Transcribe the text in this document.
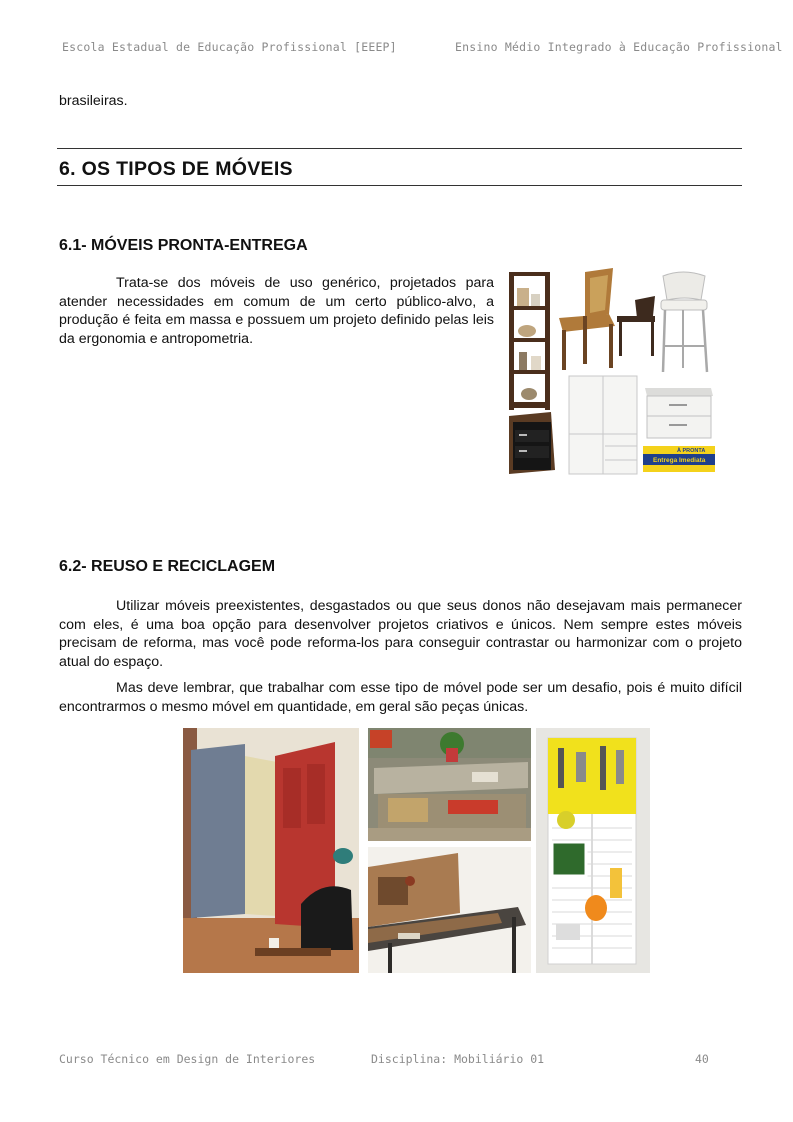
Escola Estadual de Educação Profissional [EEEP]	Ensino Médio Integrado à Educação Profissional
brasileiras.
6. OS TIPOS DE MÓVEIS
6.1- MÓVEIS PRONTA-ENTREGA
Trata-se dos móveis de uso genérico, projetados para atender necessidades em comum de um certo público-alvo, a produção é feita em massa e possuem um projeto definido pelas leis da ergonomia e antropometria.
À PRONTA
Entrega Imediata
6.2- REUSO E RECICLAGEM
Utilizar móveis preexistentes, desgastados ou que seus donos não desejavam mais permanecer com eles, é uma boa opção para desenvolver projetos criativos e únicos. Nem sempre estes móveis precisam de reforma, mas você pode reforma-los para conseguir contrastar ou harmonizar com o projeto atual do espaço.
Mas deve lembrar, que trabalhar com esse tipo de móvel pode ser um desafio, pois é muito difícil encontrarmos o mesmo móvel em quantidade, em geral são peças únicas.
Curso Técnico em Design de Interiores	Disciplina: Mobiliário 01	40
